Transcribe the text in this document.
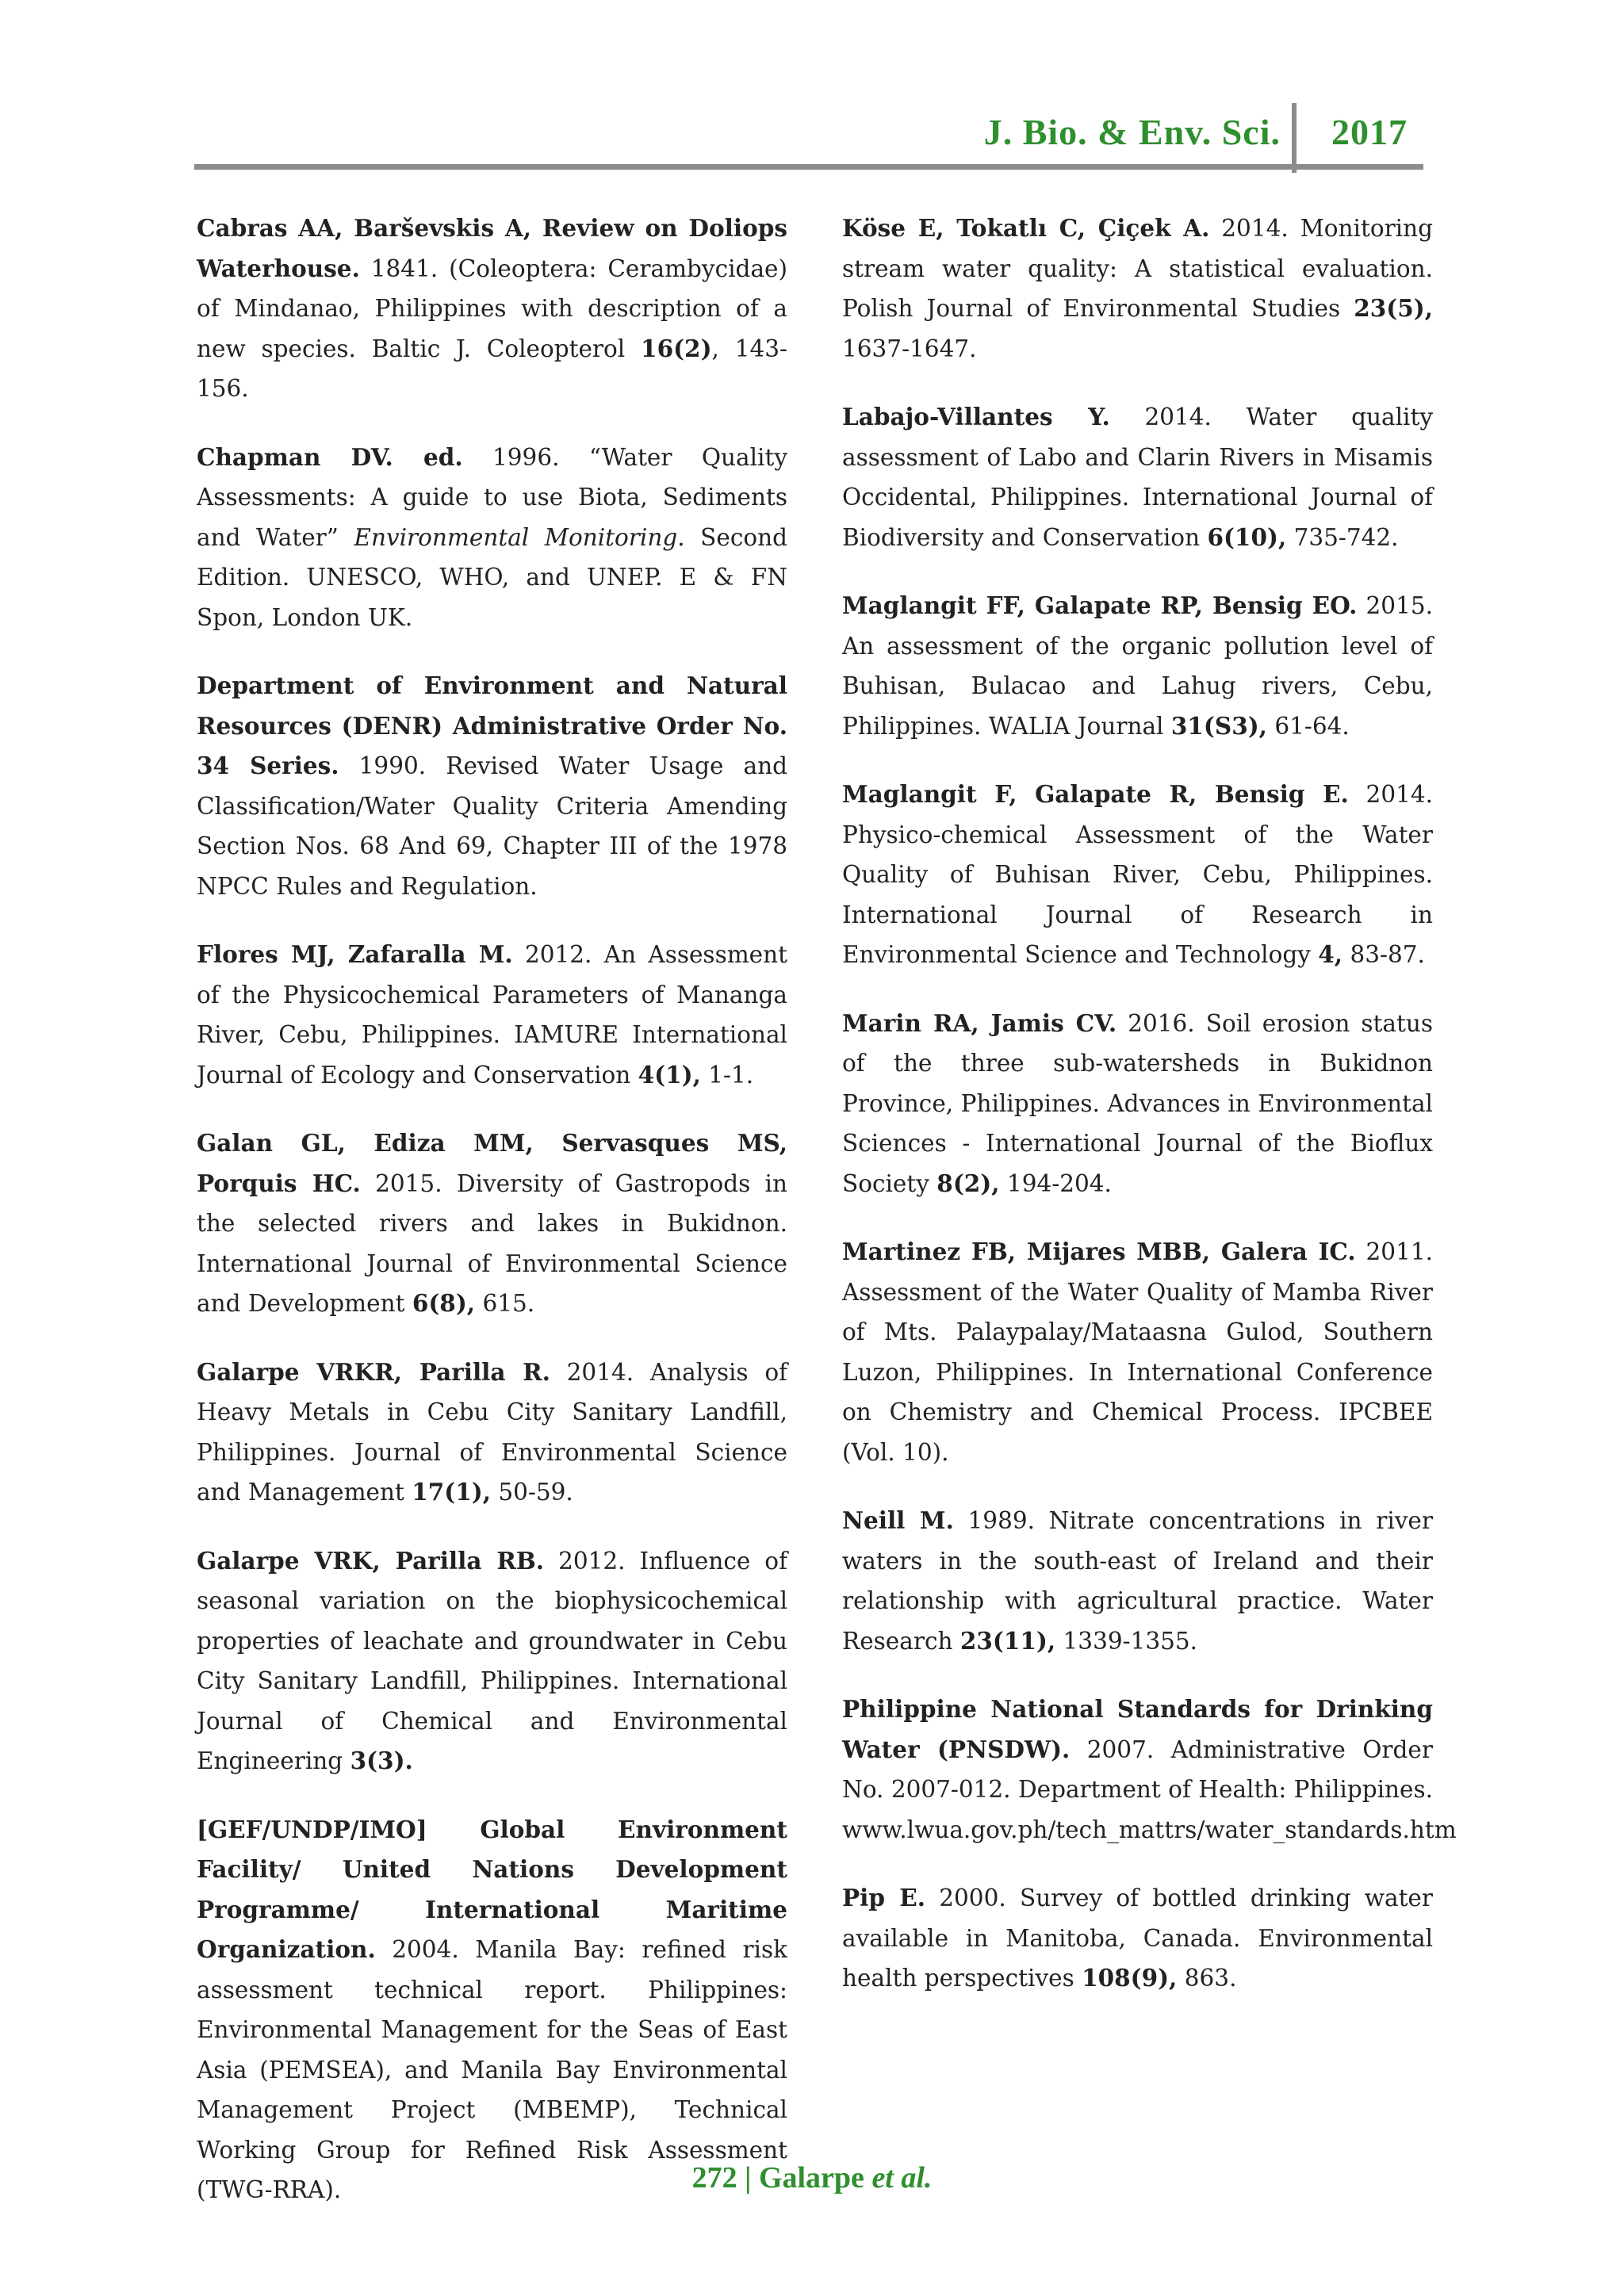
J. Bio. & Env. Sci. 2017

Cabras AA, Barševskis A, Review on Doliops Waterhouse. 1841. (Coleoptera: Cerambycidae) of Mindanao, Philippines with description of a new species. Baltic J. Coleopterol 16(2), 143-156.

Chapman DV. ed. 1996. “Water Quality Assessments: A guide to use Biota, Sediments and Water” Environmental Monitoring. Second Edition. UNESCO, WHO, and UNEP. E & FN Spon, London UK.

Department of Environment and Natural Resources (DENR) Administrative Order No. 34 Series. 1990. Revised Water Usage and Classification/Water Quality Criteria Amending Section Nos. 68 And 69, Chapter III of the 1978 NPCC Rules and Regulation.

Flores MJ, Zafaralla M. 2012. An Assessment of the Physicochemical Parameters of Mananga River, Cebu, Philippines. IAMURE International Journal of Ecology and Conservation 4(1), 1-1.

Galan GL, Ediza MM, Servasques MS, Porquis HC. 2015. Diversity of Gastropods in the selected rivers and lakes in Bukidnon. International Journal of Environmental Science and Development 6(8), 615.

Galarpe VRKR, Parilla R. 2014. Analysis of Heavy Metals in Cebu City Sanitary Landfill, Philippines. Journal of Environmental Science and Management 17(1), 50-59.

Galarpe VRK, Parilla RB. 2012. Influence of seasonal variation on the biophysicochemical properties of leachate and groundwater in Cebu City Sanitary Landfill, Philippines. International Journal of Chemical and Environmental Engineering 3(3).

[GEF/UNDP/IMO] Global Environment Facility/ United Nations Development Programme/ International Maritime Organization. 2004. Manila Bay: refined risk assessment technical report. Philippines: Environmental Management for the Seas of East Asia (PEMSEA), and Manila Bay Environmental Management Project (MBEMP), Technical Working Group for Refined Risk Assessment (TWG-RRA).

Köse E, Tokatlı C, Çiçek A. 2014. Monitoring stream water quality: A statistical evaluation. Polish Journal of Environmental Studies 23(5), 1637-1647.

Labajo-Villantes Y. 2014. Water quality assessment of Labo and Clarin Rivers in Misamis Occidental, Philippines. International Journal of Biodiversity and Conservation 6(10), 735-742.

Maglangit FF, Galapate RP, Bensig EO. 2015. An assessment of the organic pollution level of Buhisan, Bulacao and Lahug rivers, Cebu, Philippines. WALIA Journal 31(S3), 61-64.

Maglangit F, Galapate R, Bensig E. 2014. Physico-chemical Assessment of the Water Quality of Buhisan River, Cebu, Philippines. International Journal of Research in Environmental Science and Technology 4, 83-87.

Marin RA, Jamis CV. 2016. Soil erosion status of the three sub-watersheds in Bukidnon Province, Philippines. Advances in Environmental Sciences - International Journal of the Bioflux Society 8(2), 194-204.

Martinez FB, Mijares MBB, Galera IC. 2011. Assessment of the Water Quality of Mamba River of Mts. Palaypalay/Mataasna Gulod, Southern Luzon, Philippines. In International Conference on Chemistry and Chemical Process. IPCBEE (Vol. 10).

Neill M. 1989. Nitrate concentrations in river waters in the south-east of Ireland and their relationship with agricultural practice. Water Research 23(11), 1339-1355.

Philippine National Standards for Drinking Water (PNSDW). 2007. Administrative Order No. 2007-012. Department of Health: Philippines. www.lwua.gov.ph/tech_mattrs/water_standards.htm

Pip E. 2000. Survey of bottled drinking water available in Manitoba, Canada. Environmental health perspectives 108(9), 863.

272 | Galarpe et al.
